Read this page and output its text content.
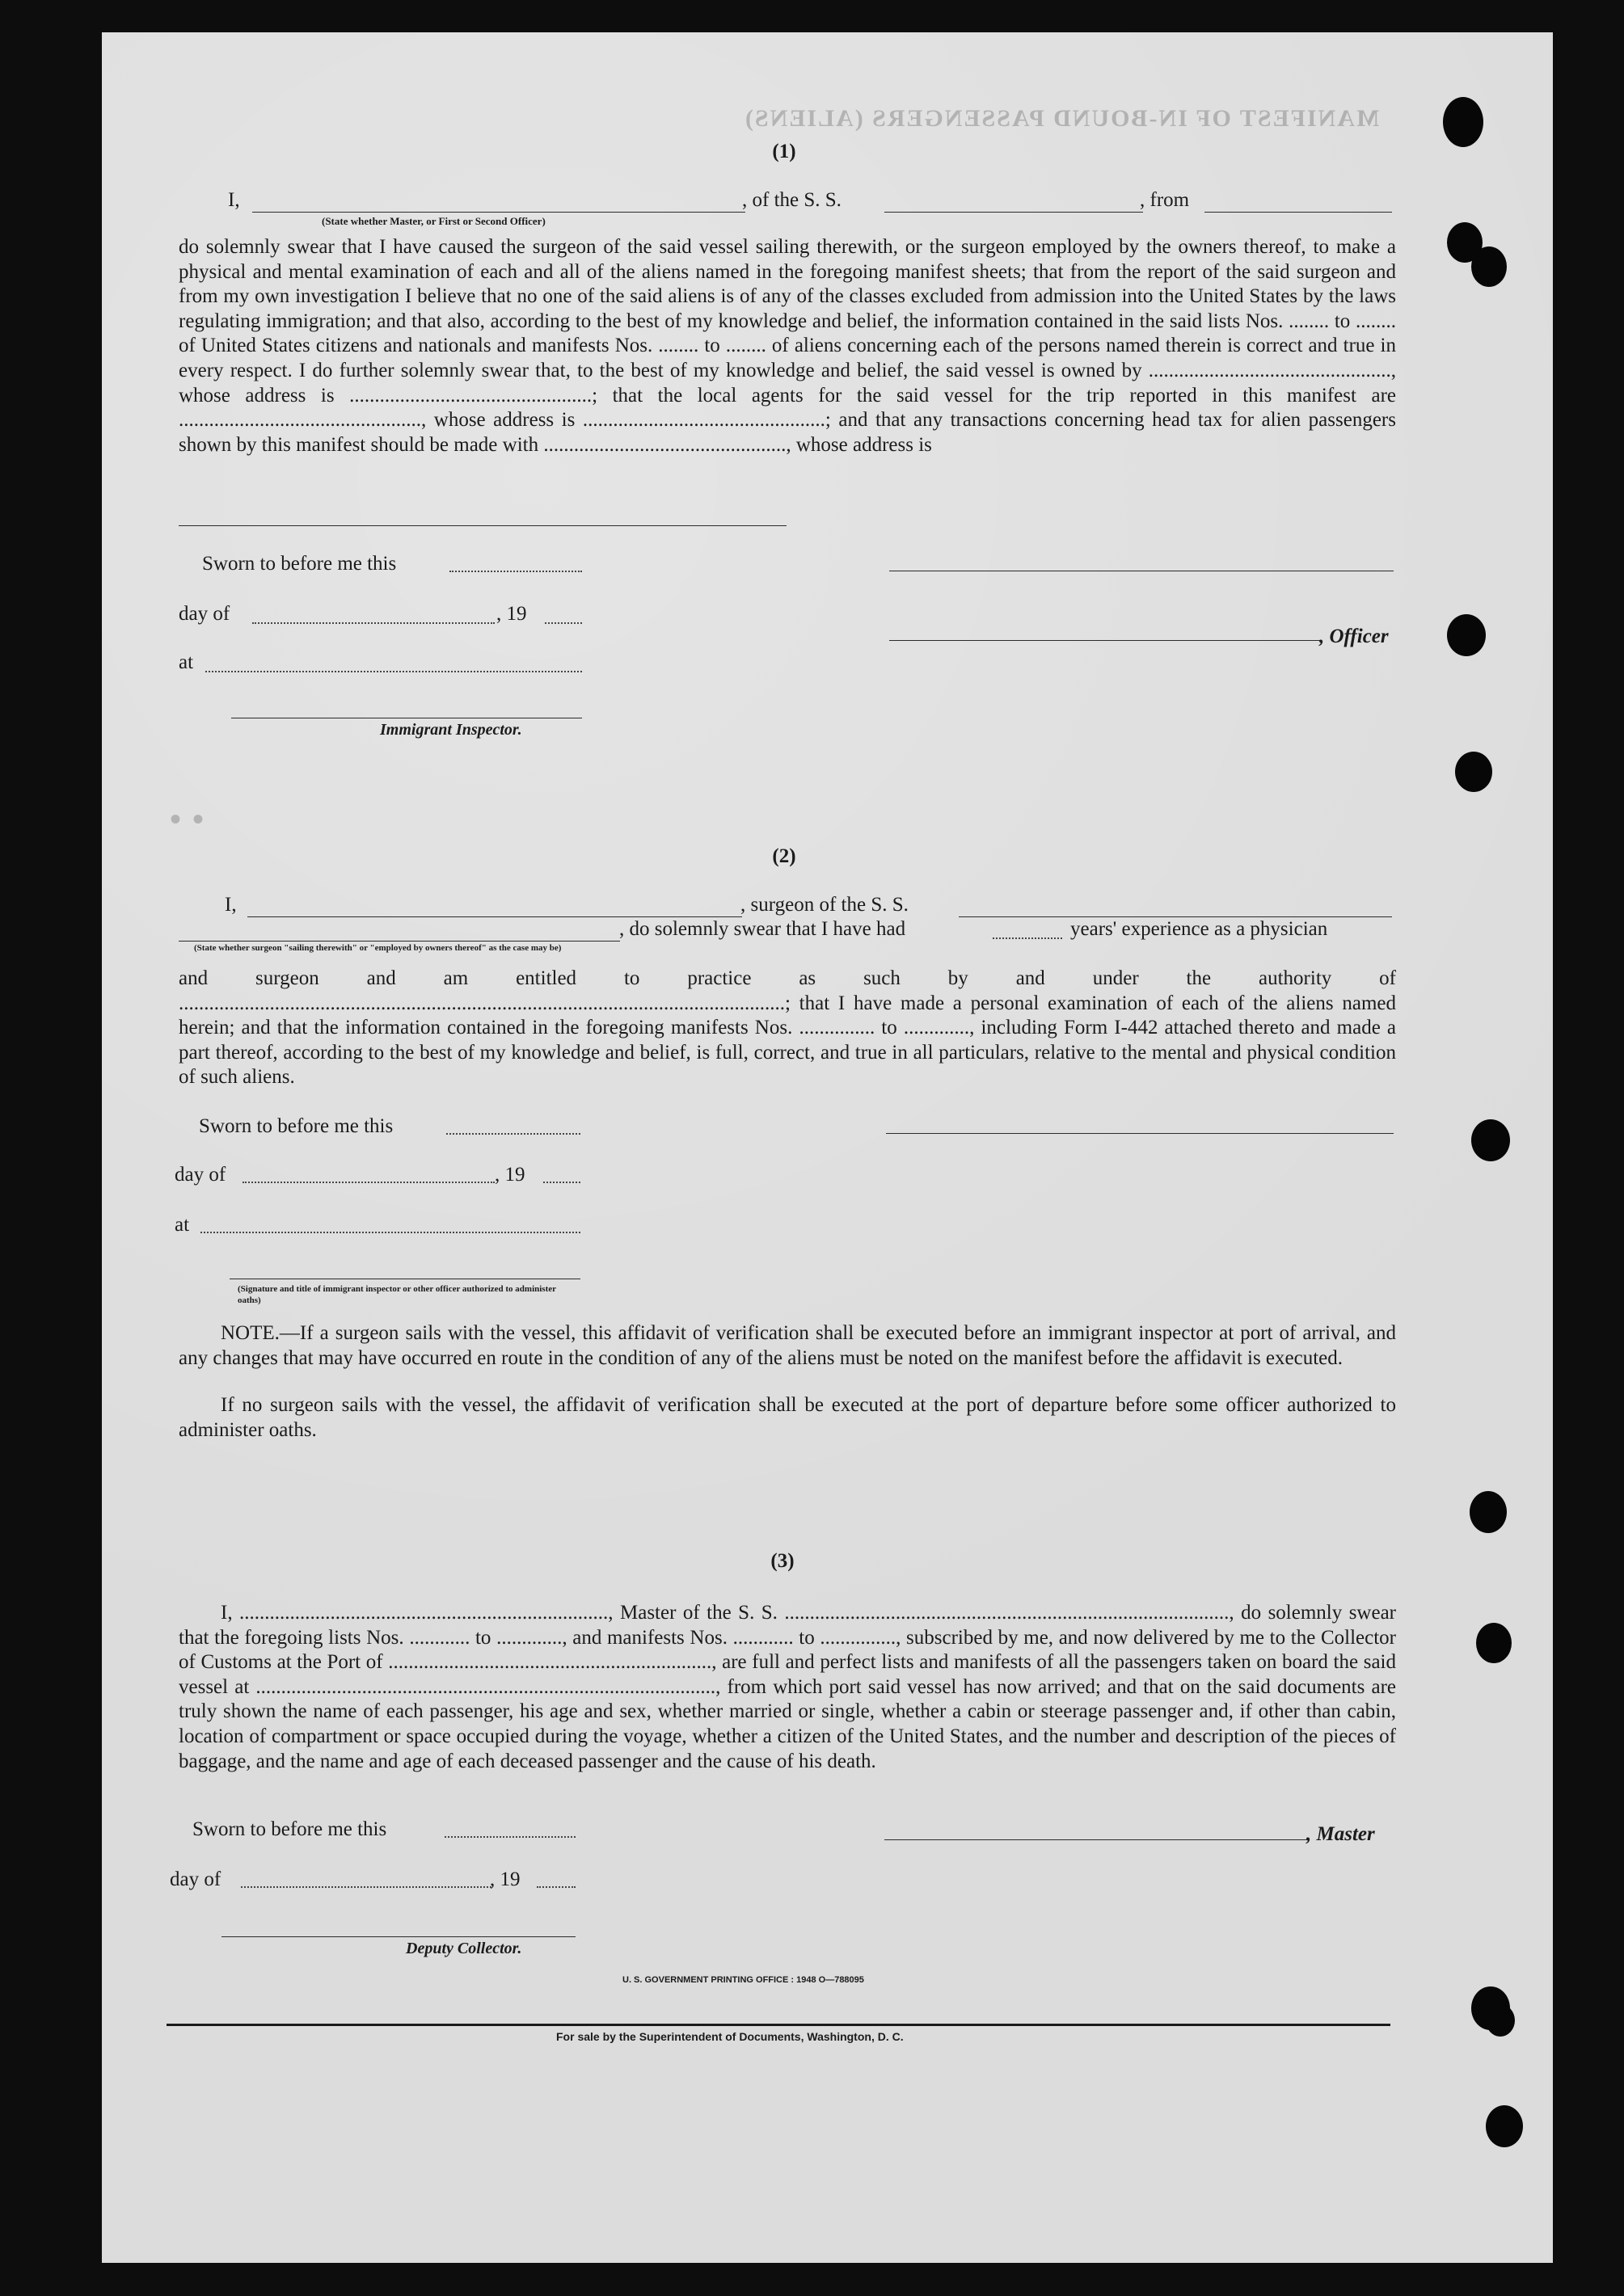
MANIFEST OF IN-BOUND PASSENGERS (ALIENS)
• •
(1)
I,	, of the S. S.	, from
(State whether Master, or First or Second Officer)
do solemnly swear that I have caused the surgeon of the said vessel sailing therewith, or the surgeon employed by the owners thereof, to make a physical and mental examination of each and all of the aliens named in the foregoing manifest sheets; that from the report of the said surgeon and from my own investigation I believe that no one of the said aliens is of any of the classes excluded from admission into the United States by the laws regulating immigration; and that also, according to the best of my knowledge and belief, the information contained in the said lists Nos. ........ to ........ of United States citizens and nationals and manifests Nos. ........ to ........ of aliens concerning each of the persons named therein is correct and true in every respect. I do further solemnly swear that, to the best of my knowledge and belief, the said vessel is owned by ................................................, whose address is ................................................; that the local agents for the said vessel for the trip reported in this manifest are ................................................, whose address is ................................................; and that any transactions concerning head tax for alien passengers shown by this manifest should be made with ................................................, whose address is
Sworn to before me this
day of	, 19
, Officer
at
Immigrant Inspector.
(2)
I,	, surgeon of the S. S.
, do solemnly swear that I have had	years' experience as a physician
(State whether surgeon "sailing therewith" or "employed by owners thereof" as the case may be)
and surgeon and am entitled to practice as such by and under the authority of ........................................................................................................................; that I have made a personal examination of each of the aliens named herein; and that the information contained in the foregoing manifests Nos. ............... to ............., including Form I-442 attached thereto and made a part thereof, according to the best of my knowledge and belief, is full, correct, and true in all particulars, relative to the mental and physical condition of such aliens.
Sworn to before me this
day of	, 19
at
(Signature and title of immigrant inspector or other officer authorized to administer oaths)
NOTE.—If a surgeon sails with the vessel, this affidavit of verification shall be executed before an immigrant inspector at port of arrival, and any changes that may have occurred en route in the condition of any of the aliens must be noted on the manifest before the affidavit is executed.
If no surgeon sails with the vessel, the affidavit of verification shall be executed at the port of departure before some officer authorized to administer oaths.
(3)
I, ........................................................................., Master of the S. S. ........................................................................................, do solemnly swear that the foregoing lists Nos. ............ to ............., and manifests Nos. ............ to ..............., subscribed by me, and now delivered by me to the Collector of Customs at the Port of ................................................................, are full and perfect lists and manifests of all the passengers taken on board the said vessel at ..........................................................................................., from which port said vessel has now arrived; and that on the said documents are truly shown the name of each passenger, his age and sex, whether married or single, whether a cabin or steerage passenger and, if other than cabin, location of compartment or space occupied during the voyage, whether a citizen of the United States, and the number and description of the pieces of baggage, and the name and age of each deceased passenger and the cause of his death.
Sworn to before me this	, Master
day of	, 19
Deputy Collector.
U. S. GOVERNMENT PRINTING OFFICE : 1948 O—788095
For sale by the Superintendent of Documents, Washington, D. C.
